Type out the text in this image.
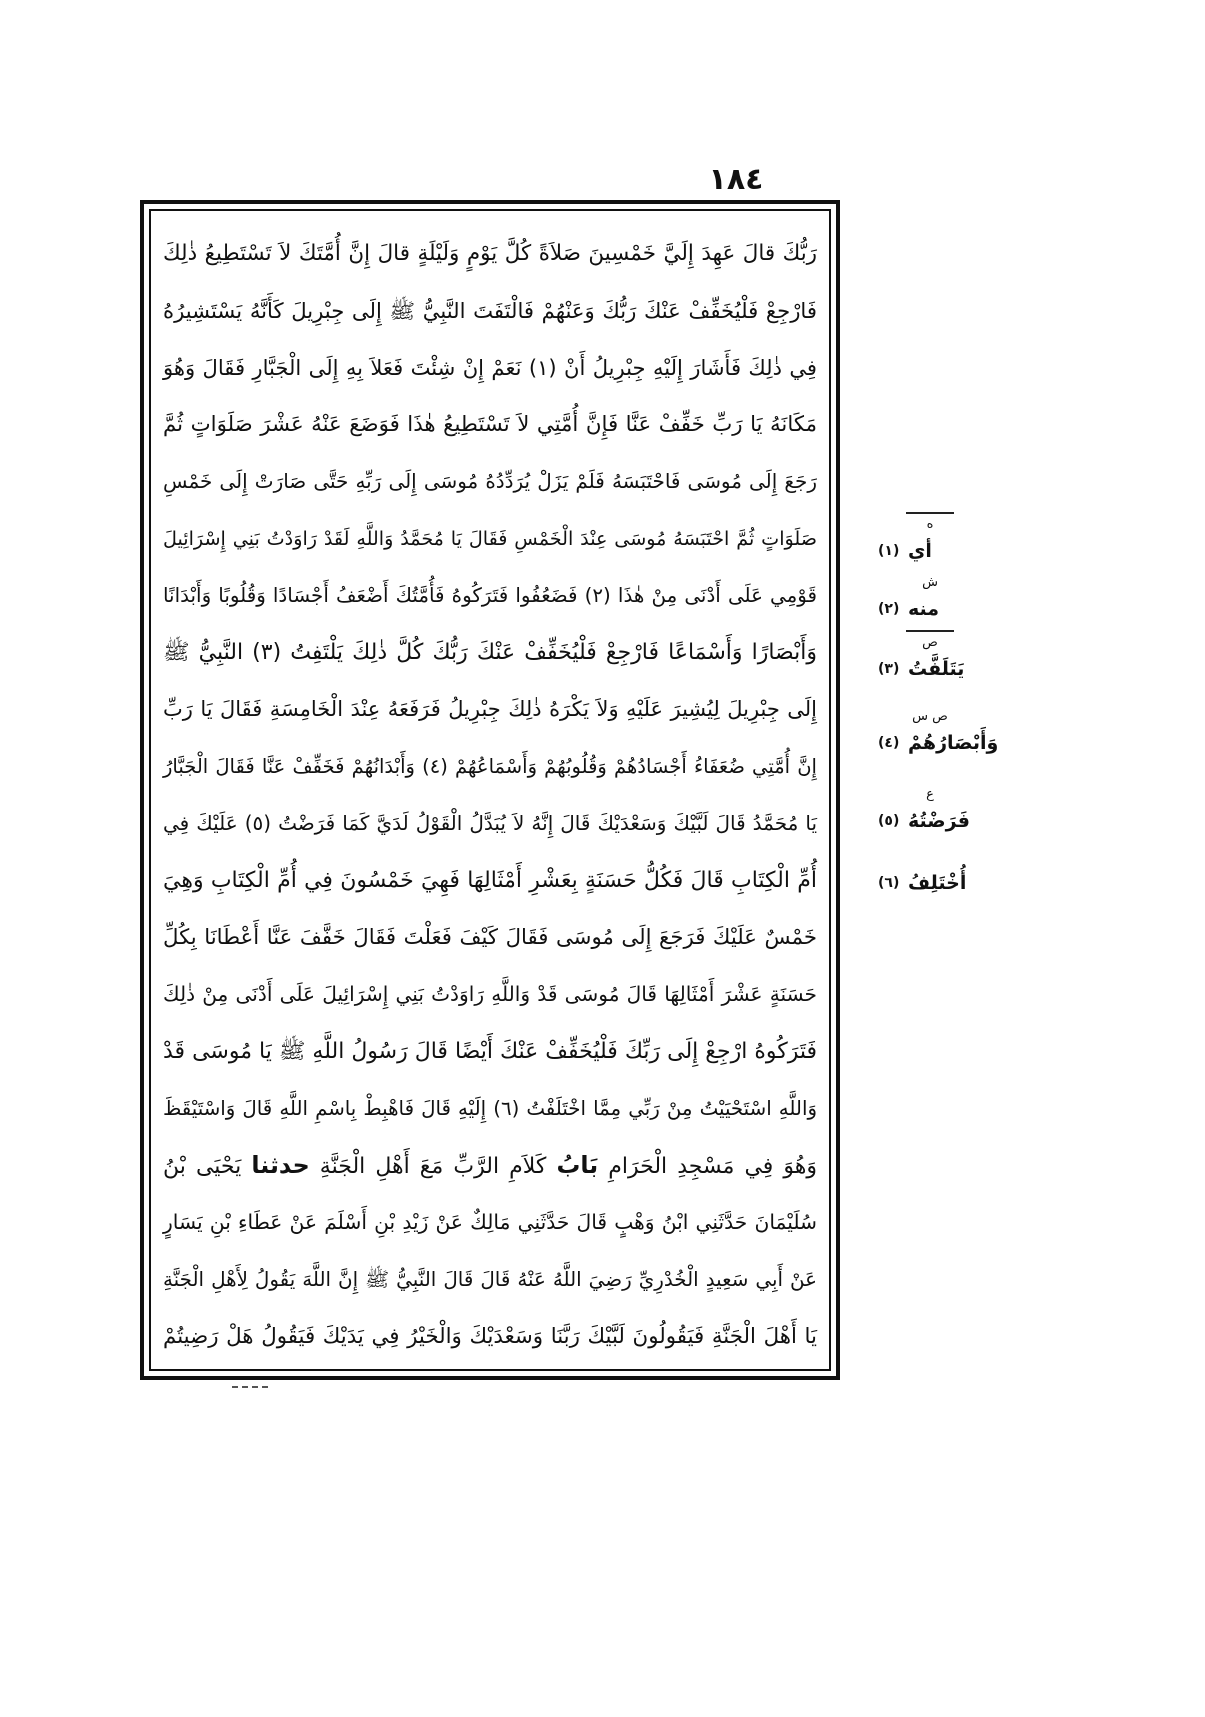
١٨٤
رَبُّكَ قالَ عَهِدَ إِلَيَّ خَمْسِينَ صَلاَةً كُلَّ يَوْمٍ وَلَيْلَةٍ قالَ إِنَّ أُمَّتَكَ لاَ تَسْتَطِيعُ ذٰلِكَ
فَارْجِعْ فَلْيُخَفِّفْ عَنْكَ رَبُّكَ وَعَنْهُمْ فَالْتَفَتَ النَّبِيُّ ﷺ إِلَى جِبْرِيلَ كَأَنَّهُ يَسْتَشِيرُهُ
فِي ذٰلِكَ فَأَشَارَ إِلَيْهِ جِبْرِيلُ أَنْ (١) نَعَمْ إِنْ شِئْتَ فَعَلاَ بِهِ إِلَى الْجَبَّارِ فَقَالَ وَهُوَ
مَكَانَهُ يَا رَبِّ خَفِّفْ عَنَّا فَإِنَّ أُمَّتِي لاَ تَسْتَطِيعُ هٰذَا فَوَضَعَ عَنْهُ عَشْرَ صَلَوَاتٍ ثُمَّ
رَجَعَ إِلَى مُوسَى فَاحْتَبَسَهُ فَلَمْ يَزَلْ يُرَدِّدُهُ مُوسَى إِلَى رَبِّهِ حَتَّى صَارَتْ إِلَى خَمْسِ
صَلَوَاتٍ ثُمَّ احْتَبَسَهُ مُوسَى عِنْدَ الْخَمْسِ فَقَالَ يَا مُحَمَّدُ وَاللَّهِ لَقَدْ رَاوَدْتُ بَنِي إِسْرَائِيلَ
قَوْمِي عَلَى أَدْنَى مِنْ هٰذَا (٢) فَضَعُفُوا فَتَرَكُوهُ فَأُمَّتُكَ أَضْعَفُ أَجْسَادًا وَقُلُوبًا وَأَبْدَانًا
وَأَبْصَارًا وَأَسْمَاعًا فَارْجِعْ فَلْيُخَفِّفْ عَنْكَ رَبُّكَ كُلَّ ذٰلِكَ يَلْتَفِتُ (٣) النَّبِيُّ ﷺ
إِلَى جِبْرِيلَ لِيُشِيرَ عَلَيْهِ وَلاَ يَكْرَهُ ذٰلِكَ جِبْرِيلُ فَرَفَعَهُ عِنْدَ الْخَامِسَةِ فَقَالَ يَا رَبِّ
إِنَّ أُمَّتِي ضُعَفَاءُ أَجْسَادُهُمْ وَقُلُوبُهُمْ وَأَسْمَاعُهُمْ (٤) وَأَبْدَانُهُمْ فَخَفِّفْ عَنَّا فَقَالَ الْجَبَّارُ
يَا مُحَمَّدُ قَالَ لَبَّيْكَ وَسَعْدَيْكَ قَالَ إِنَّهُ لاَ يُبَدَّلُ الْقَوْلُ لَدَيَّ كَمَا فَرَضْتُ (٥) عَلَيْكَ فِي
أُمِّ الْكِتَابِ قَالَ فَكُلُّ حَسَنَةٍ بِعَشْرِ أَمْثَالِهَا فَهِيَ خَمْسُونَ فِي أُمِّ الْكِتَابِ وَهِيَ
خَمْسٌ عَلَيْكَ فَرَجَعَ إِلَى مُوسَى فَقَالَ كَيْفَ فَعَلْتَ فَقَالَ خَفَّفَ عَنَّا أَعْطَانَا بِكُلِّ
حَسَنَةٍ عَشْرَ أَمْثَالِهَا قَالَ مُوسَى قَدْ وَاللَّهِ رَاوَدْتُ بَنِي إِسْرَائِيلَ عَلَى أَدْنَى مِنْ ذٰلِكَ
فَتَرَكُوهُ ارْجِعْ إِلَى رَبِّكَ فَلْيُخَفِّفْ عَنْكَ أَيْضًا قَالَ رَسُولُ اللَّهِ ﷺ يَا مُوسَى قَدْ
وَاللَّهِ اسْتَحْيَيْتُ مِنْ رَبِّي مِمَّا اخْتَلَفْتُ (٦) إِلَيْهِ قَالَ فَاهْبِطْ بِاسْمِ اللَّهِ قَالَ وَاسْتَيْقَظَ
وَهُوَ فِي مَسْجِدِ الْحَرَامِ بَابُ كَلاَمِ الرَّبِّ مَعَ أَهْلِ الْجَنَّةِ حدثنا يَحْيَى بْنُ
سُلَيْمَانَ حَدَّثَنِي ابْنُ وَهْبٍ قَالَ حَدَّثَنِي مَالِكٌ عَنْ زَيْدِ بْنِ أَسْلَمَ عَنْ عَطَاءِ بْنِ يَسَارٍ
عَنْ أَبِي سَعِيدٍ الْخُدْرِيِّ رَضِيَ اللَّهُ عَنْهُ قَالَ قَالَ النَّبِيُّ ﷺ إِنَّ اللَّهَ يَقُولُ لِأَهْلِ الْجَنَّةِ
يَا أَهْلَ الْجَنَّةِ فَيَقُولُونَ لَبَّيْكَ رَبَّنَا وَسَعْدَيْكَ وَالْخَيْرُ فِي يَدَيْكَ فَيَقُولُ هَلْ رَضِيتُمْ
ه
(١) أي
ش
(٢) منه
ص
(٣) يَتَلَفَّتُ
ص س
(٤) وَأَبْصَارُهُمْ
ع
(٥) فَرَضْتُهُ
(٦) أُخْتَلِفُ
